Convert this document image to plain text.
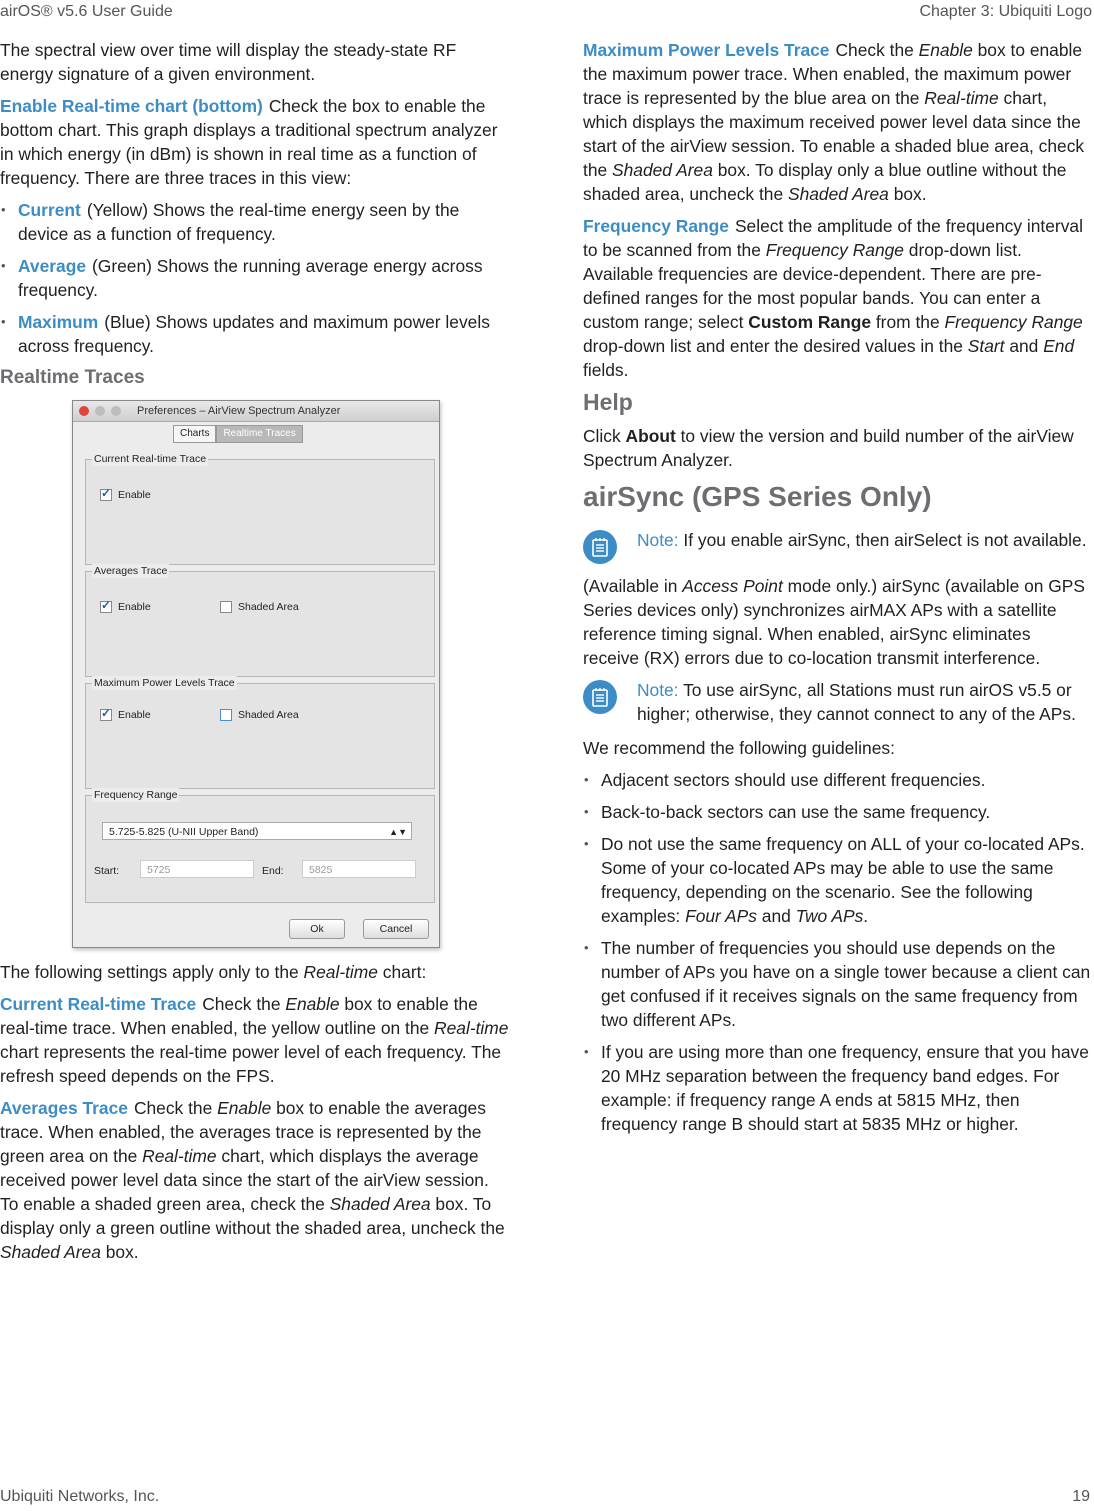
airOS® v5.6 User Guide	Chapter 3: Ubiquiti Logo

The spectral view over time will display the steady-state RF energy signature of a given environment.

Enable Real-time chart (bottom) Check the box to enable the bottom chart. This graph displays a traditional spectrum analyzer in which energy (in dBm) is shown in real time as a function of frequency. There are three traces in this view:

• Current (Yellow) Shows the real-time energy seen by the device as a function of frequency.
• Average (Green) Shows the running average energy across frequency.
• Maximum (Blue) Shows updates and maximum power levels across frequency.
Realtime Traces
Preferences – AirView Spectrum Analyzer
Charts	Realtime Traces
Current Real-time Trace
✓
Enable
Averages Trace
✓
Enable	Shaded Area
Maximum Power Levels Trace
✓
Enable	Shaded Area
Frequency Range
5.725-5.825 (U-NII Upper Band)	▲▼
Start:	5725	End:	5825
Ok	Cancel

The following settings apply only to the Real-time chart:

Current Real-time Trace Check the Enable box to enable the real-time trace. When enabled, the yellow outline on the Real-time chart represents the real-time power level of each frequency. The refresh speed depends on the FPS.

Averages Trace Check the Enable box to enable the averages trace. When enabled, the averages trace is represented by the green area on the Real-time chart, which displays the average received power level data since the start of the airView session. To enable a shaded green area, check the Shaded Area box. To display only a green outline without the shaded area, uncheck the Shaded Area box.

Maximum Power Levels Trace Check the Enable box to enable the maximum power trace. When enabled, the maximum power trace is represented by the blue area on the Real-time chart, which displays the maximum received power level data since the start of the airView session. To enable a shaded blue area, check the Shaded Area box. To display only a blue outline without the shaded area, uncheck the Shaded Area box.

Frequency Range Select the amplitude of the frequency interval to be scanned from the Frequency Range drop-down list. Available frequencies are device-dependent. There are pre-defined ranges for the most popular bands. You can enter a custom range; select Custom Range from the Frequency Range drop-down list and enter the desired values in the Start and End fields.

Help

Click About to view the version and build number of the airView Spectrum Analyzer.

airSync (GPS Series Only)
Note: If you enable airSync, then airSelect is not available.

(Available in Access Point mode only.) airSync (available on GPS Series devices only) synchronizes airMAX APs with a satellite reference timing signal. When enabled, airSync eliminates receive (RX) errors due to co-location transmit interference.

Note: To use airSync, all Stations must run airOS v5.5 or higher; otherwise, they cannot connect to any of the APs.

We recommend the following guidelines:

• Adjacent sectors should use different frequencies.
• Back-to-back sectors can use the same frequency.
• Do not use the same frequency on ALL of your co-located APs. Some of your co-located APs may be able to use the same frequency, depending on the scenario. See the following examples: Four APs and Two APs.
• The number of frequencies you should use depends on the number of APs you have on a single tower because a client can get confused if it receives signals on the same frequency from two different APs.
• If you are using more than one frequency, ensure that you have 20 MHz separation between the frequency band edges. For example: if frequency range A ends at 5815 MHz, then frequency range B should start at 5835 MHz or higher.
Ubiquiti Networks, Inc.	19
